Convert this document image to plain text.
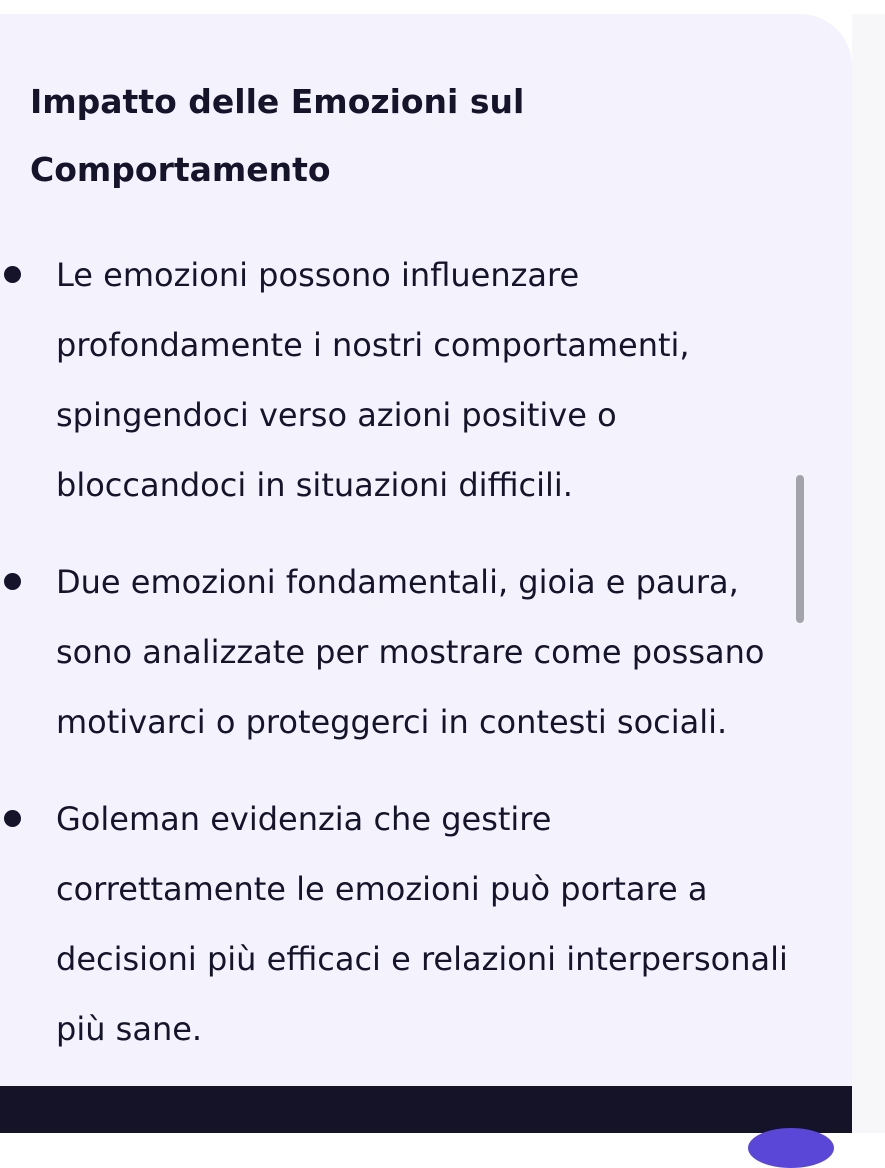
Impatto delle Emozioni sul Comportamento
Le emozioni possono influenzare profondamente i nostri comportamenti, spingendoci verso azioni positive o bloccandoci in situazioni difficili.
Due emozioni fondamentali, gioia e paura, sono analizzate per mostrare come possano motivarci o proteggerci in contesti sociali.
Goleman evidenzia che gestire correttamente le emozioni può portare a decisioni più efficaci e relazioni interpersonali più sane.
